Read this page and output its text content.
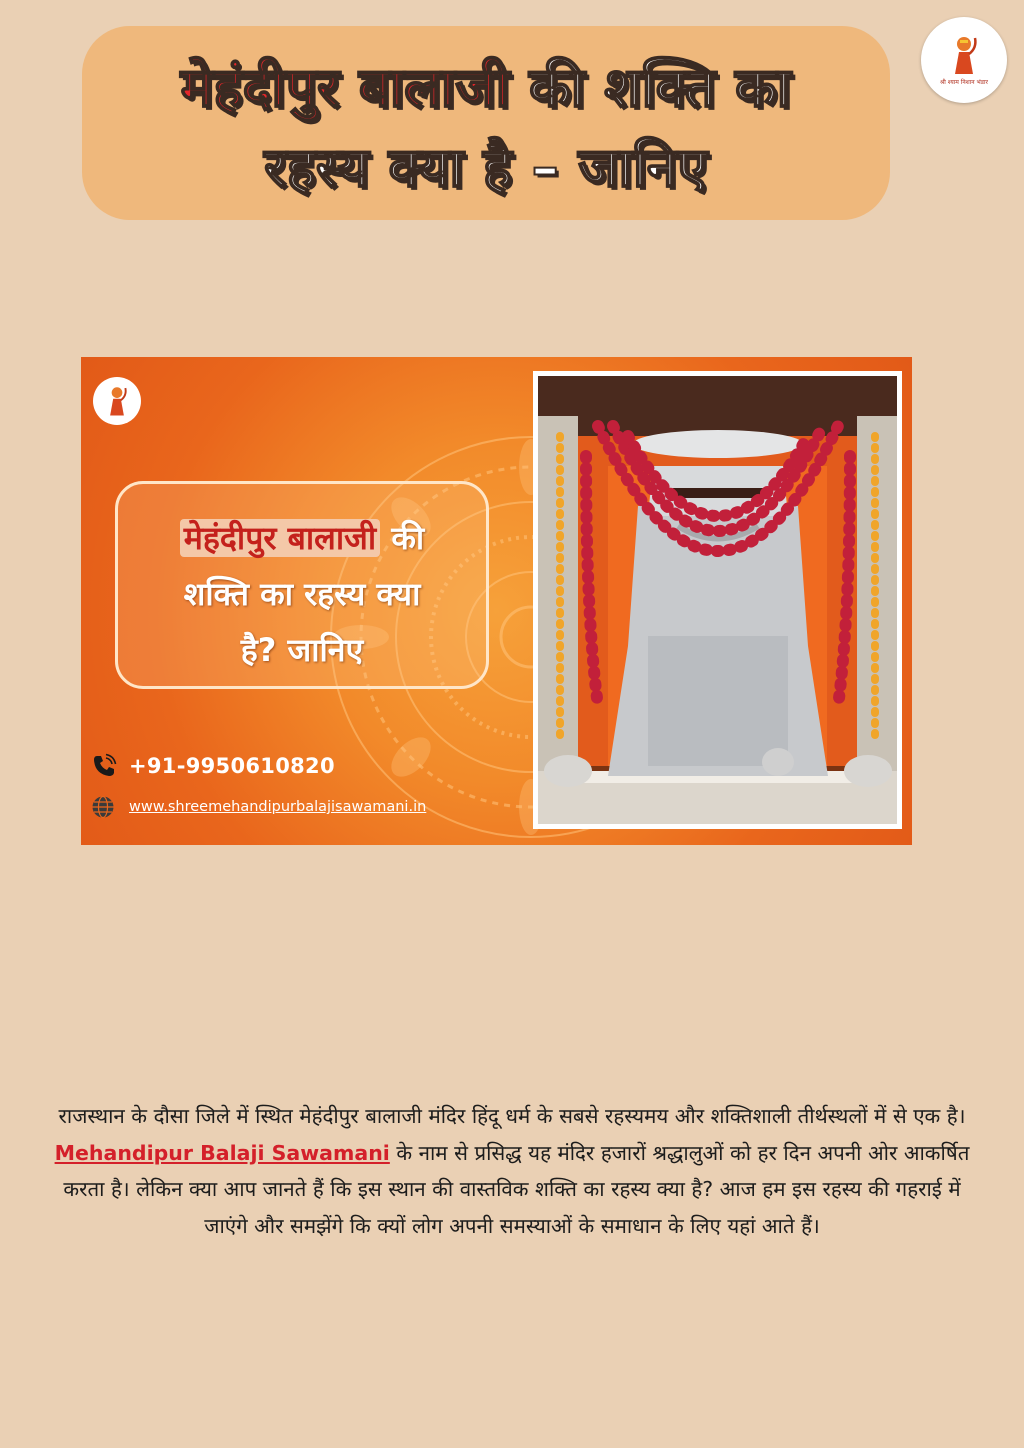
मेहंदीपुर बालाजी की शक्ति का
रहस्य क्या है – जानिए
श्री श्याम निशान भंडार
मेहंदीपुर बालाजी की
शक्ति का रहस्य क्या
है? जानिए
+91-9950610820
www.shreemehandipurbalajisawamani.in
राजस्थान के दौसा जिले में स्थित मेहंदीपुर बालाजी मंदिर हिंदू धर्म के सबसे रहस्यमय और शक्तिशाली तीर्थस्थलों में से एक है। Mehandipur Balaji Sawamani के नाम से प्रसिद्ध यह मंदिर हजारों श्रद्धालुओं को हर दिन अपनी ओर आकर्षित करता है। लेकिन क्या आप जानते हैं कि इस स्थान की वास्तविक शक्ति का रहस्य क्या है? आज हम इस रहस्य की गहराई में जाएंगे और समझेंगे कि क्यों लोग अपनी समस्याओं के समाधान के लिए यहां आते हैं।
